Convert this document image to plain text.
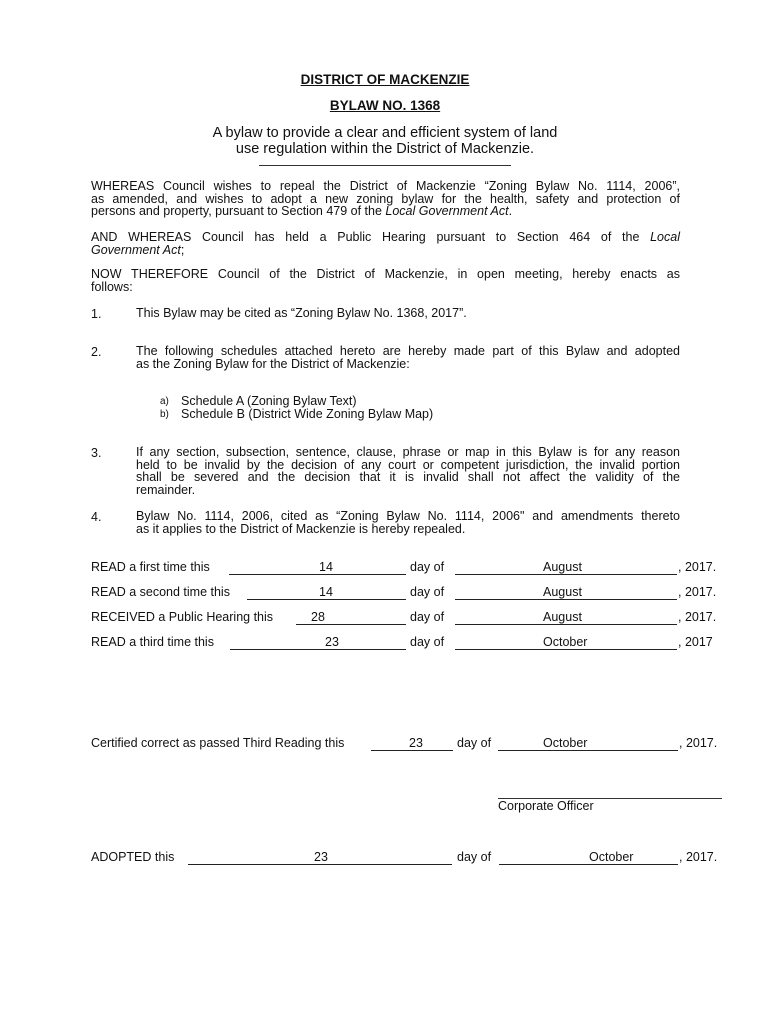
DISTRICT OF MACKENZIE
BYLAW NO. 1368
A bylaw to provide a clear and efficient system of land
use regulation within the District of Mackenzie.
WHEREAS Council wishes to repeal the District of Mackenzie “Zoning Bylaw No. 1114, 2006”,
as amended, and wishes to adopt a new zoning bylaw for the health, safety and protection of
persons and property, pursuant to Section 479 of the Local Government Act.
AND WHEREAS Council has held a Public Hearing pursuant to Section 464 of the Local
Government Act;
NOW THEREFORE Council of the District of Mackenzie, in open meeting, hereby enacts as
follows:
1.	This Bylaw may be cited as “Zoning Bylaw No. 1368, 2017”.
2.	The following schedules attached hereto are hereby made part of this Bylaw and adopted
as the Zoning Bylaw for the District of Mackenzie:
a) Schedule A (Zoning Bylaw Text)
b) Schedule B (District Wide Zoning Bylaw Map)
3.	If any section, subsection, sentence, clause, phrase or map in this Bylaw is for any reason
held to be invalid by the decision of any court or competent jurisdiction, the invalid portion
shall be severed and the decision that it is invalid shall not affect the validity of the
remainder.
4.	Bylaw No. 1114, 2006, cited as “Zoning Bylaw No. 1114, 2006" and amendments thereto
as it applies to the District of Mackenzie is hereby repealed.
READ a first time this	14	day of	August	, 2017.
READ a second time this	14	day of	August	, 2017.
RECEIVED a Public Hearing this	28	day of	August	, 2017.
READ a third time this	23	day of	October	, 2017
Certified correct as passed Third Reading this	23	day of	October	, 2017.
Corporate Officer
ADOPTED this	23	day of	October	, 2017.
